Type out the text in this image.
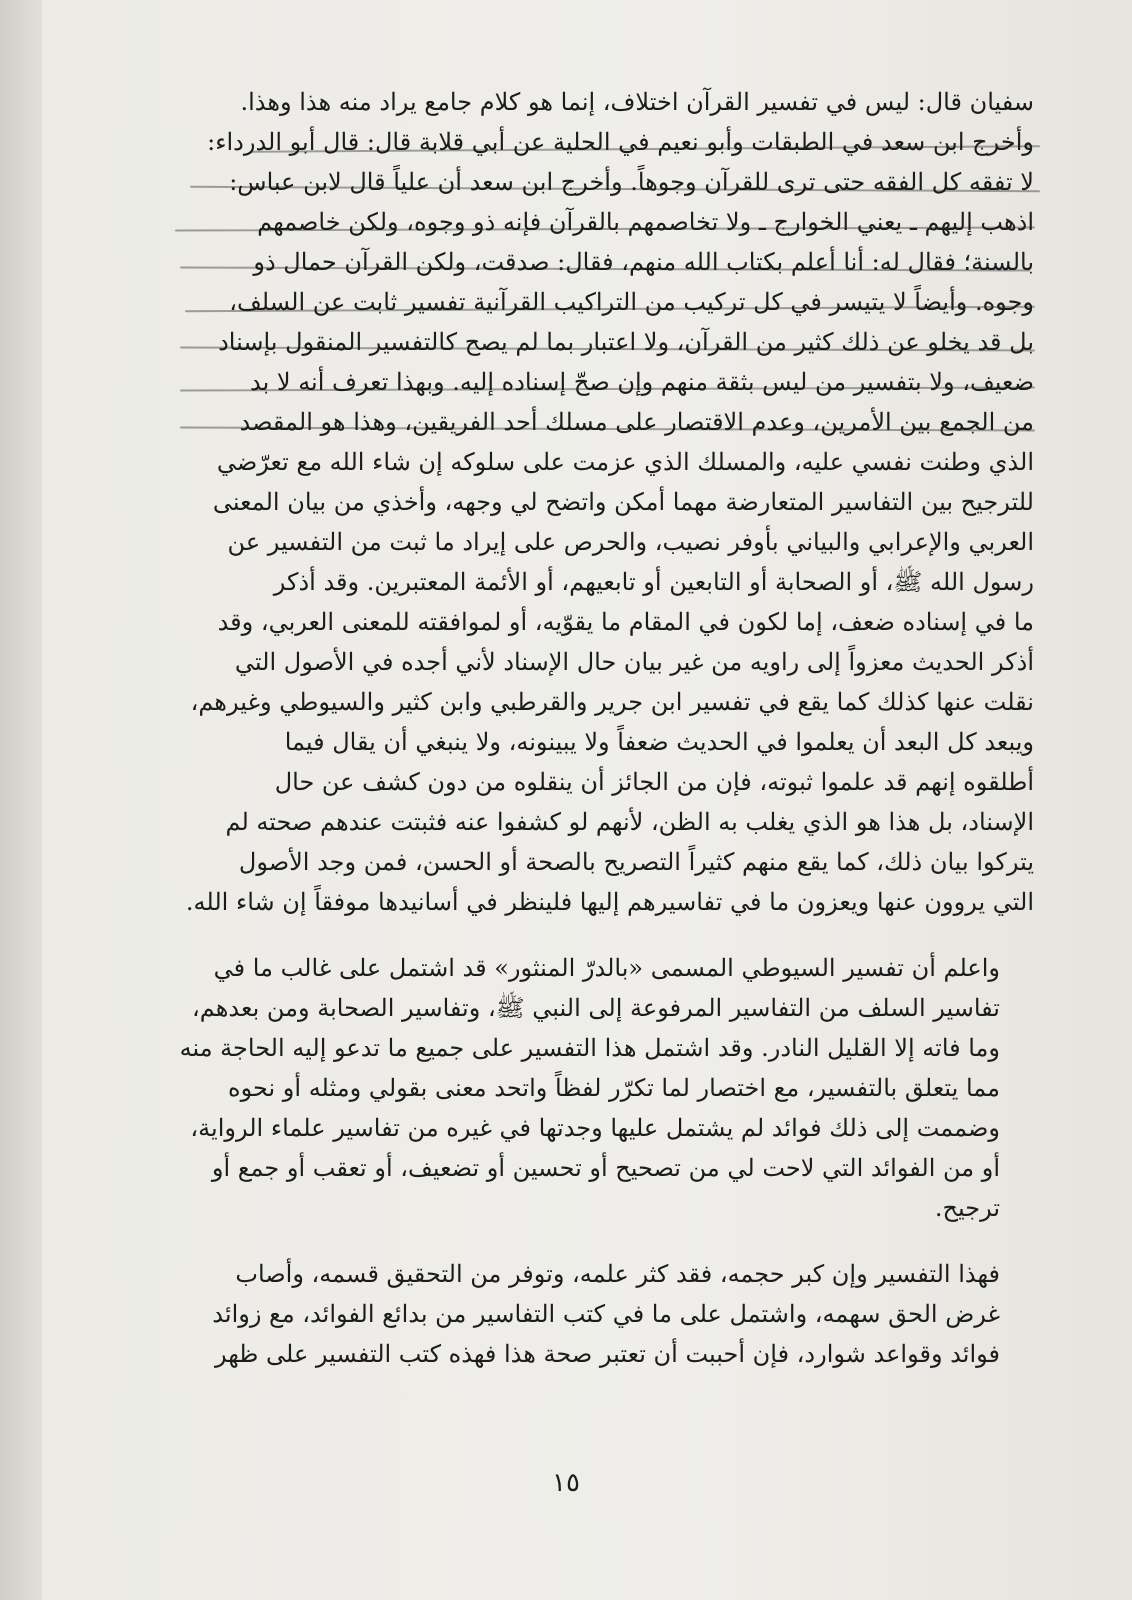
سفيان قال: ليس في تفسير القرآن اختلاف، إنما هو كلام جامع يراد منه هذا وهذا.
وأخرج ابن سعد في الطبقات وأبو نعيم في الحلية عن أبي قلابة قال: قال أبو الدرداء:
لا تفقه كل الفقه حتى ترى للقرآن وجوهاً. وأخرج ابن سعد أن علياً قال لابن عباس:
اذهب إليهم ـ يعني الخوارج ـ ولا تخاصمهم بالقرآن فإنه ذو وجوه، ولكن خاصمهم
بالسنة؛ فقال له: أنا أعلم بكتاب الله منهم، فقال: صدقت، ولكن القرآن حمال ذو
وجوه. وأيضاً لا يتيسر في كل تركيب من التراكيب القرآنية تفسير ثابت عن السلف،
بل قد يخلو عن ذلك كثير من القرآن، ولا اعتبار بما لم يصح كالتفسير المنقول بإسناد
ضعيف، ولا بتفسير من ليس بثقة منهم وإن صحّ إسناده إليه. وبهذا تعرف أنه لا بد
من الجمع بين الأمرين، وعدم الاقتصار على مسلك أحد الفريقين، وهذا هو المقصد
الذي وطنت نفسي عليه، والمسلك الذي عزمت على سلوكه إن شاء الله مع تعرّضي
للترجيح بين التفاسير المتعارضة مهما أمكن واتضح لي وجهه، وأخذي من بيان المعنى
العربي والإعرابي والبياني بأوفر نصيب، والحرص على إيراد ما ثبت من التفسير عن
رسول الله ﷺ، أو الصحابة أو التابعين أو تابعيهم، أو الأئمة المعتبرين. وقد أذكر
ما في إسناده ضعف، إما لكون في المقام ما يقوّيه، أو لموافقته للمعنى العربي، وقد
أذكر الحديث معزواً إلى راويه من غير بيان حال الإسناد لأني أجده في الأصول التي
نقلت عنها كذلك كما يقع في تفسير ابن جرير والقرطبي وابن كثير والسيوطي وغيرهم،
ويبعد كل البعد أن يعلموا في الحديث ضعفاً ولا يبينونه، ولا ينبغي أن يقال فيما
أطلقوه إنهم قد علموا ثبوته، فإن من الجائز أن ينقلوه من دون كشف عن حال
الإسناد، بل هذا هو الذي يغلب به الظن، لأنهم لو كشفوا عنه فثبتت عندهم صحته لم
يتركوا بيان ذلك، كما يقع منهم كثيراً التصريح بالصحة أو الحسن، فمن وجد الأصول
التي يروون عنها ويعزون ما في تفاسيرهم إليها فلينظر في أسانيدها موفقاً إن شاء الله.

واعلم أن تفسير السيوطي المسمى «بالدرّ المنثور» قد اشتمل على غالب ما في
تفاسير السلف من التفاسير المرفوعة إلى النبي ﷺ، وتفاسير الصحابة ومن بعدهم،
وما فاته إلا القليل النادر. وقد اشتمل هذا التفسير على جميع ما تدعو إليه الحاجة منه
مما يتعلق بالتفسير، مع اختصار لما تكرّر لفظاً واتحد معنى بقولي ومثله أو نحوه
وضممت إلى ذلك فوائد لم يشتمل عليها وجدتها في غيره من تفاسير علماء الرواية،
أو من الفوائد التي لاحت لي من تصحيح أو تحسين أو تضعيف، أو تعقب أو جمع أو
ترجيح.

فهذا التفسير وإن كبر حجمه، فقد كثر علمه، وتوفر من التحقيق قسمه، وأصاب
غرض الحق سهمه، واشتمل على ما في كتب التفاسير من بدائع الفوائد، مع زوائد
فوائد وقواعد شوارد، فإن أحببت أن تعتبر صحة هذا فهذه كتب التفسير على ظهر

١٥
